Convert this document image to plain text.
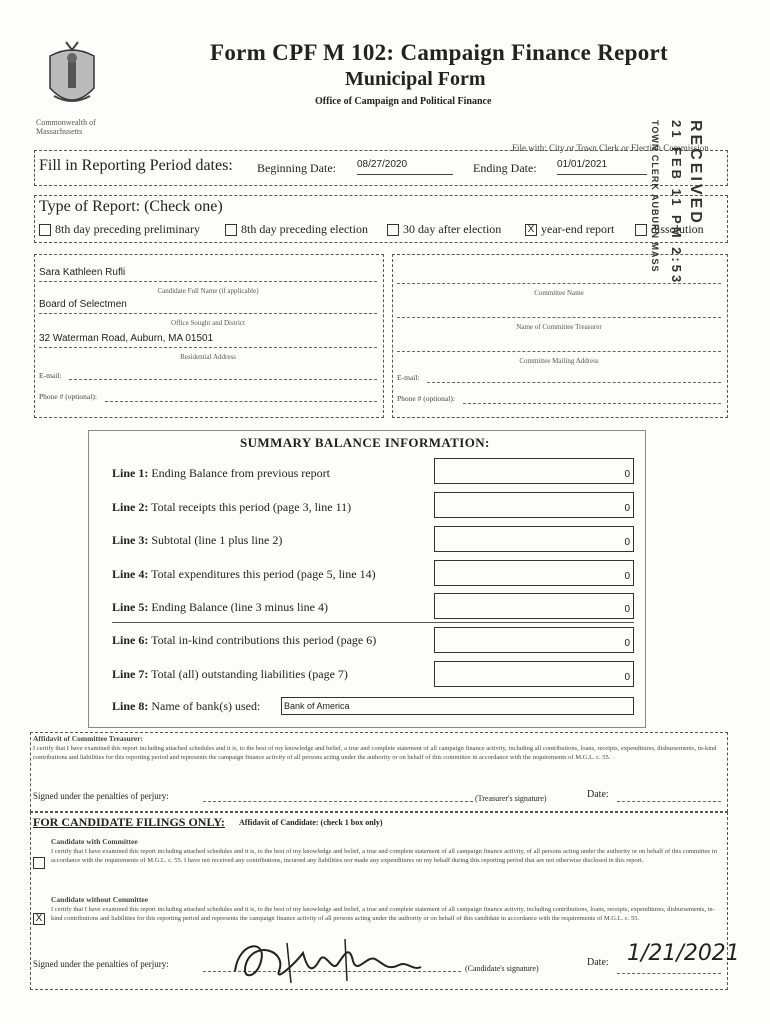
Commonwealth of Massachusetts
Form CPF M 102: Campaign Finance Report
Municipal Form
Office of Campaign and Political Finance
File with: City or Town Clerk or Election Commission
Fill in Reporting Period dates: Beginning Date: 08/27/2020	Ending Date: 01/01/2021
Type of Report: (Check one)
8th day preceding preliminary	8th day preceding election	30 day after election	X year-end report	dissolution
Sara Kathleen Rufli
Candidate Full Name (if applicable)
Board of Selectmen
Office Sought and District
32 Waterman Road, Auburn, MA 01501
Residential Address
E-mail:
Phone # (optional):
Committee Name
Name of Committee Treasurer
Committee Mailing Address
E-mail:
Phone # (optional):
SUMMARY BALANCE INFORMATION:
Line 1: Ending Balance from previous report	0
Line 2: Total receipts this period (page 3, line 11)	0
Line 3: Subtotal (line 1 plus line 2)	0
Line 4: Total expenditures this period (page 5, line 14)	0
Line 5: Ending Balance (line 3 minus line 4)	0
Line 6: Total in-kind contributions this period (page 6)	0
Line 7: Total (all) outstanding liabilities (page 7)	0
Line 8: Name of bank(s) used:	Bank of America
Affidavit of Committee Treasurer:
I certify that I have examined this report including attached schedules and it is, to the best of my knowledge and belief, a true and complete statement of all campaign finance activity, including all contributions, loans, receipts, expenditures, disbursements, in-kind contributions and liabilities for this reporting period and represents the campaign finance activity of all persons acting under the authority or on behalf of this committee in accordance with the requirements of M.G.L. c. 55.
Signed under the penalties of perjury:	(Treasurer's signature)	Date:
FOR CANDIDATE FILINGS ONLY: Affidavit of Candidate: (check 1 box only)
Candidate with Committee
I certify that I have examined this report including attached schedules and it is, to the best of my knowledge and belief, a true and complete statement of all campaign finance activity, of all persons acting under the authority or on behalf of this committee in accordance with the requirements of M.G.L. c. 55. I have not received any contributions, incurred any liabilities nor made any expenditures on my behalf during this reporting period that are not otherwise disclosed in this report.
Candidate without Committee
X
I certify that I have examined this report including attached schedules and it is, to the best of my knowledge and belief, a true and complete statement of all campaign finance activity, including contributions, loans, receipts, expenditures, disbursements, in-kind contributions and liabilities for this reporting period and represents the campaign finance activity of all persons acting under the authority or on behalf of this candidate in accordance with the requirements of M.G.L. c. 55.
Signed under the penalties of perjury:	(Candidate's signature)
Date: 1/21/2021
RECEIVED
21 FEB 11 PM 2:53
TOWN CLERK AUBURN MASS
